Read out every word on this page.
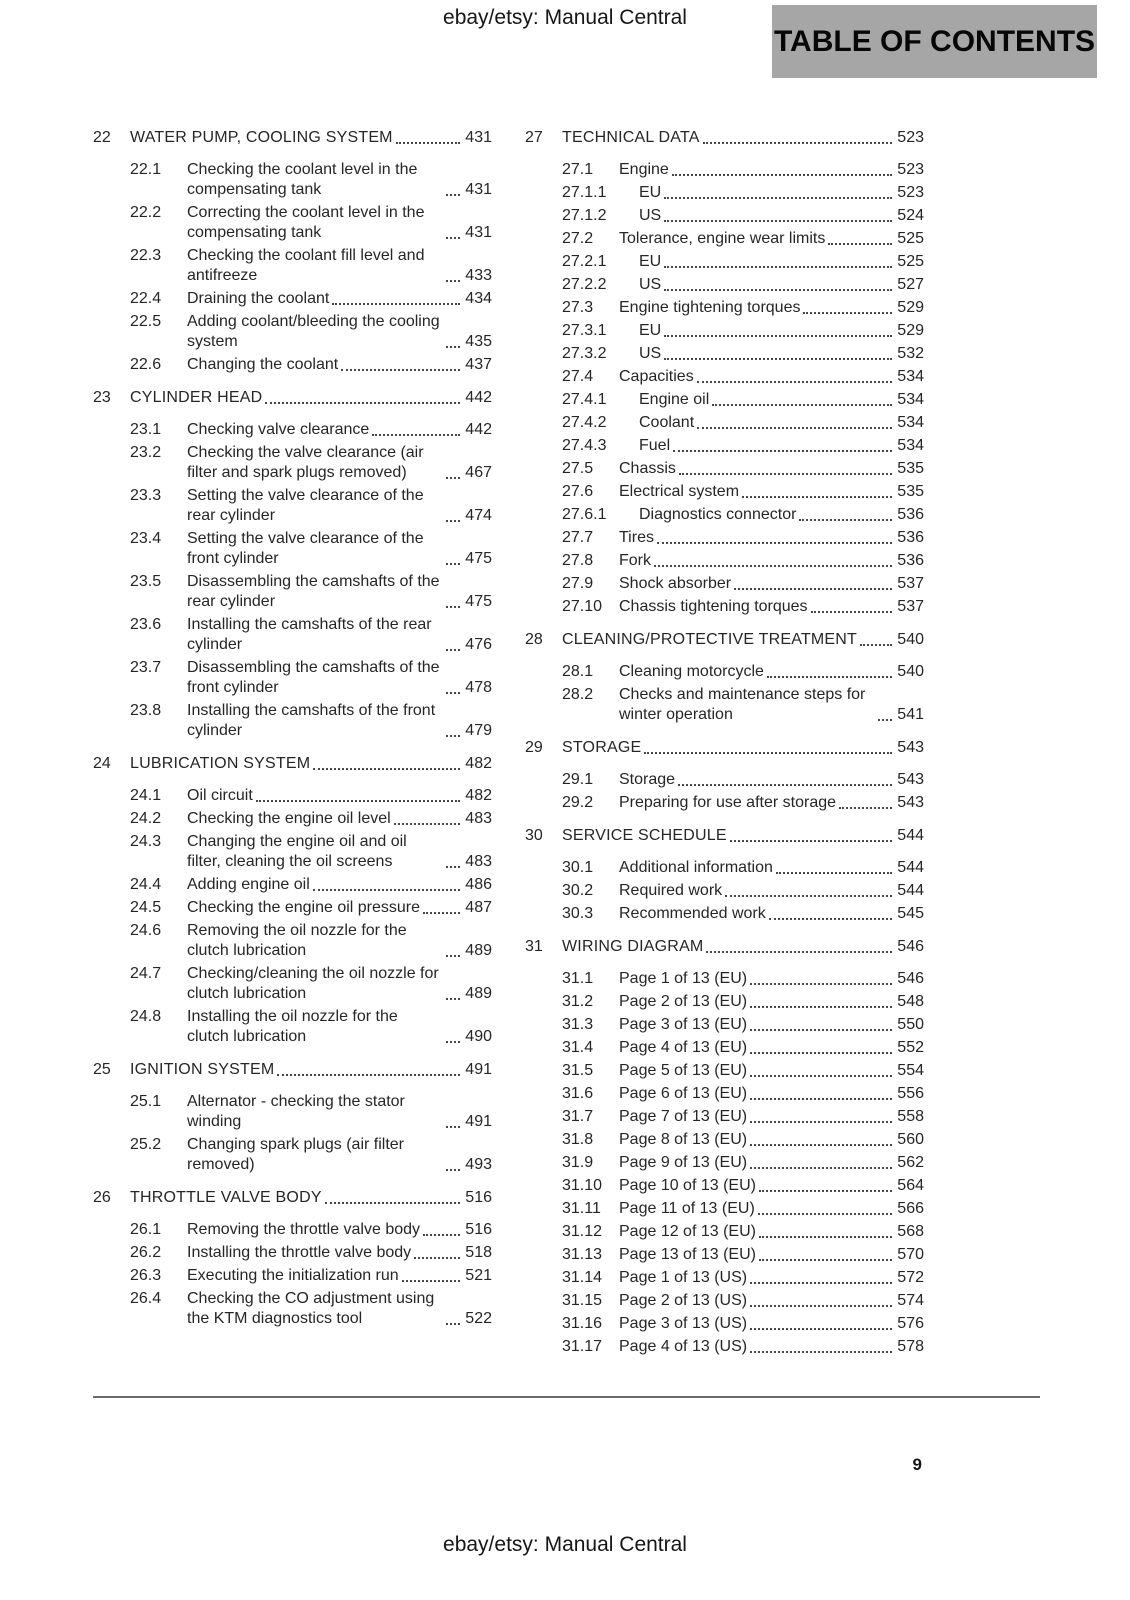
ebay/etsy: Manual Central
TABLE OF CONTENTS
22	WATER PUMP, COOLING SYSTEM	431
22.1	Checking the coolant level in the compensating tank	431
22.2	Correcting the coolant level in the compensating tank	431
22.3	Checking the coolant fill level and antifreeze	433
22.4	Draining the coolant	434
22.5	Adding coolant/bleeding the cooling system	435
22.6	Changing the coolant	437
23	CYLINDER HEAD	442
23.1	Checking valve clearance	442
23.2	Checking the valve clearance (air filter and spark plugs removed)	467
23.3	Setting the valve clearance of the rear cylinder	474
23.4	Setting the valve clearance of the front cylinder	475
23.5	Disassembling the camshafts of the rear cylinder	475
23.6	Installing the camshafts of the rear cylinder	476
23.7	Disassembling the camshafts of the front cylinder	478
23.8	Installing the camshafts of the front cylinder	479
24	LUBRICATION SYSTEM	482
24.1	Oil circuit	482
24.2	Checking the engine oil level	483
24.3	Changing the engine oil and oil filter, cleaning the oil screens	483
24.4	Adding engine oil	486
24.5	Checking the engine oil pressure	487
24.6	Removing the oil nozzle for the clutch lubrication	489
24.7	Checking/cleaning the oil nozzle for clutch lubrication	489
24.8	Installing the oil nozzle for the clutch lubrication	490
25	IGNITION SYSTEM	491
25.1	Alternator - checking the stator winding	491
25.2	Changing spark plugs (air filter removed)	493
26	THROTTLE VALVE BODY	516
26.1	Removing the throttle valve body	516
26.2	Installing the throttle valve body	518
26.3	Executing the initialization run	521
26.4	Checking the CO adjustment using the KTM diagnostics tool	522
27	TECHNICAL DATA	523
27.1	Engine	523
27.1.1	EU	523
27.1.2	US	524
27.2	Tolerance, engine wear limits	525
27.2.1	EU	525
27.2.2	US	527
27.3	Engine tightening torques	529
27.3.1	EU	529
27.3.2	US	532
27.4	Capacities	534
27.4.1	Engine oil	534
27.4.2	Coolant	534
27.4.3	Fuel	534
27.5	Chassis	535
27.6	Electrical system	535
27.6.1	Diagnostics connector	536
27.7	Tires	536
27.8	Fork	536
27.9	Shock absorber	537
27.10	Chassis tightening torques	537
28	CLEANING/PROTECTIVE TREATMENT	540
28.1	Cleaning motorcycle	540
28.2	Checks and maintenance steps for winter operation	541
29	STORAGE	543
29.1	Storage	543
29.2	Preparing for use after storage	543
30	SERVICE SCHEDULE	544
30.1	Additional information	544
30.2	Required work	544
30.3	Recommended work	545
31	WIRING DIAGRAM	546
31.1	Page 1 of 13 (EU)	546
31.2	Page 2 of 13 (EU)	548
31.3	Page 3 of 13 (EU)	550
31.4	Page 4 of 13 (EU)	552
31.5	Page 5 of 13 (EU)	554
31.6	Page 6 of 13 (EU)	556
31.7	Page 7 of 13 (EU)	558
31.8	Page 8 of 13 (EU)	560
31.9	Page 9 of 13 (EU)	562
31.10	Page 10 of 13 (EU)	564
31.11	Page 11 of 13 (EU)	566
31.12	Page 12 of 13 (EU)	568
31.13	Page 13 of 13 (EU)	570
31.14	Page 1 of 13 (US)	572
31.15	Page 2 of 13 (US)	574
31.16	Page 3 of 13 (US)	576
31.17	Page 4 of 13 (US)	578
9
ebay/etsy: Manual Central
